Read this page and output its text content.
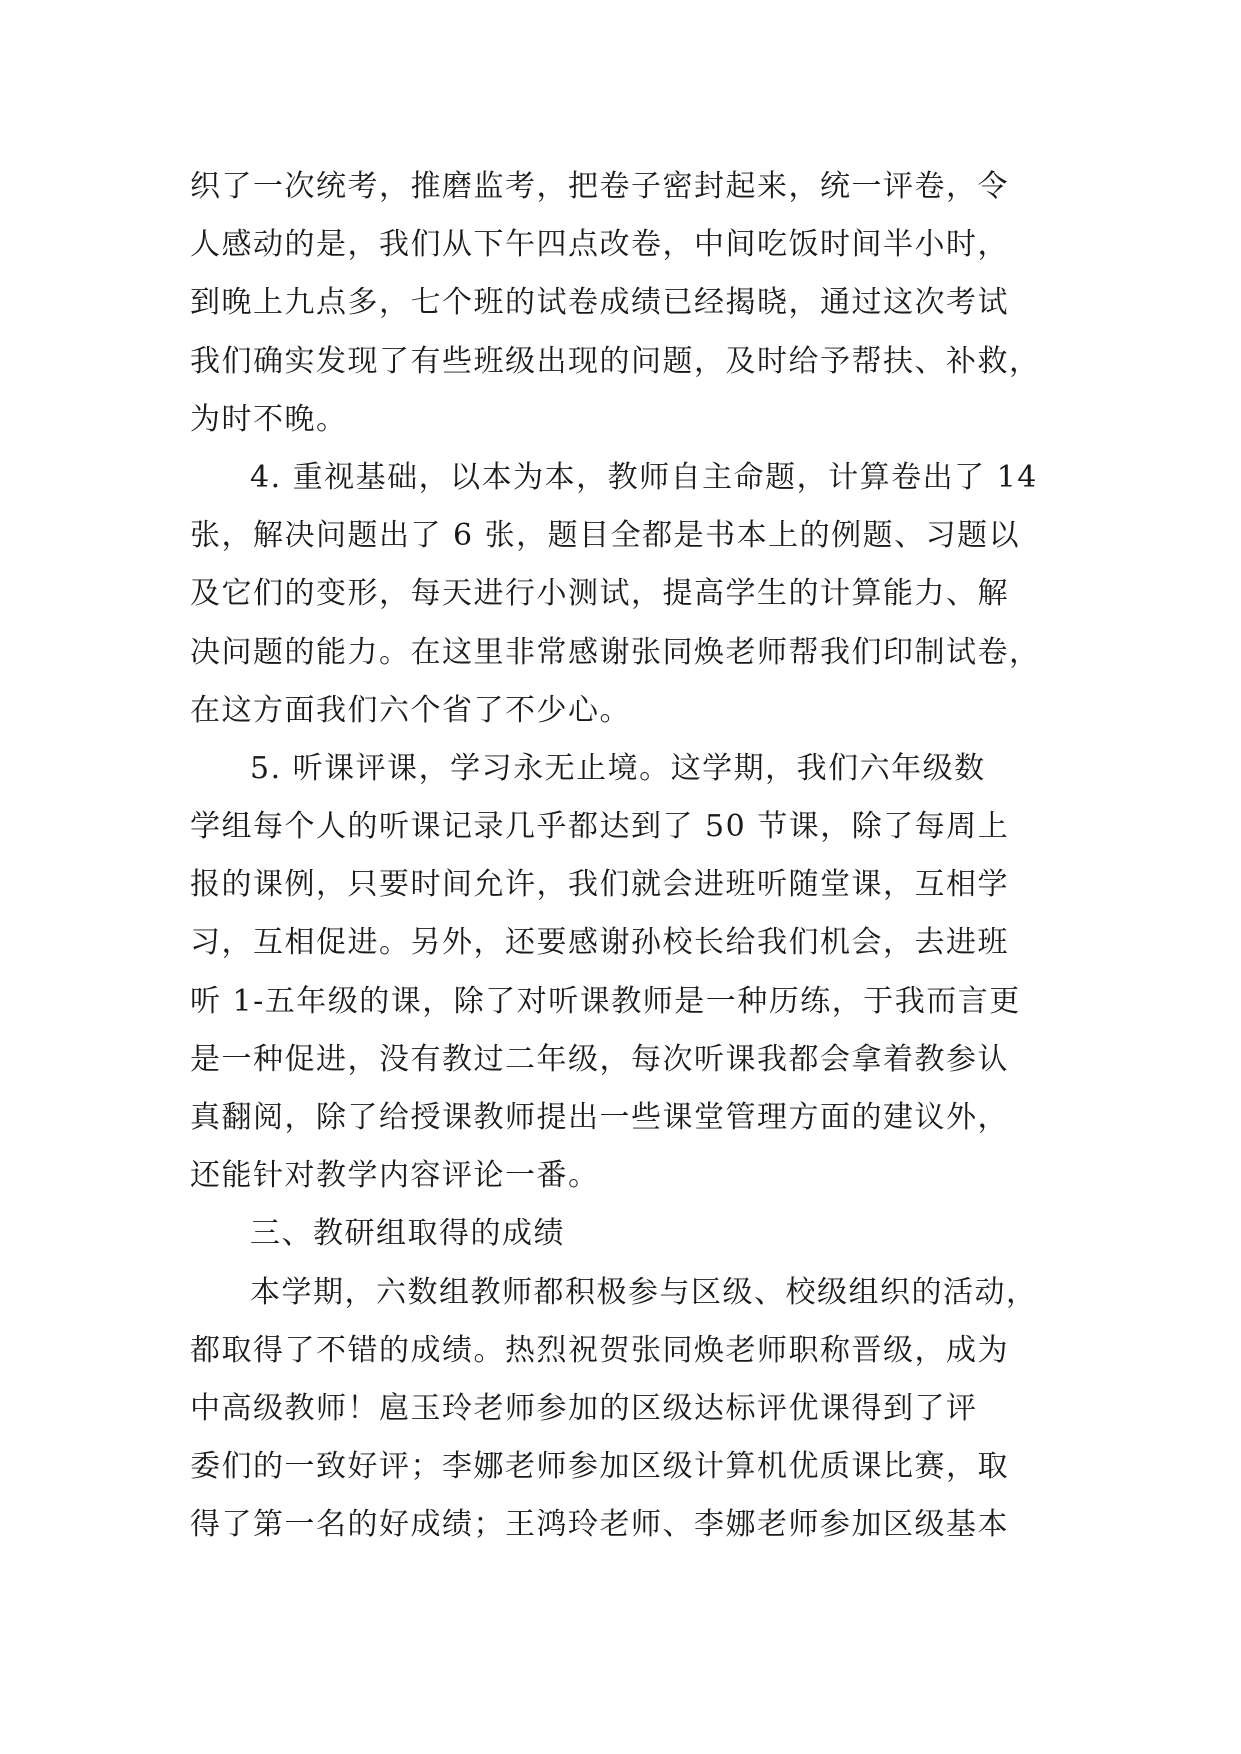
织了一次统考，推磨监考，把卷子密封起来，统一评卷，令
人感动的是，我们从下午四点改卷，中间吃饭时间半小时，
到晚上九点多，七个班的试卷成绩已经揭晓，通过这次考试
我们确实发现了有些班级出现的问题，及时给予帮扶、补救，
为时不晚。
4. 重视基础，以本为本，教师自主命题，计算卷出了 14
张，解决问题出了 6 张，题目全都是书本上的例题、习题以
及它们的变形，每天进行小测试，提高学生的计算能力、解
决问题的能力。在这里非常感谢张同焕老师帮我们印制试卷，
在这方面我们六个省了不少心。
5. 听课评课，学习永无止境。这学期，我们六年级数
学组每个人的听课记录几乎都达到了 50 节课，除了每周上
报的课例，只要时间允许，我们就会进班听随堂课，互相学
习，互相促进。另外，还要感谢孙校长给我们机会，去进班
听 1-五年级的课，除了对听课教师是一种历练，于我而言更
是一种促进，没有教过二年级，每次听课我都会拿着教参认
真翻阅，除了给授课教师提出一些课堂管理方面的建议外，
还能针对教学内容评论一番。
三、教研组取得的成绩
本学期，六数组教师都积极参与区级、校级组织的活动，
都取得了不错的成绩。热烈祝贺张同焕老师职称晋级，成为
中高级教师！扈玉玲老师参加的区级达标评优课得到了评
委们的一致好评；李娜老师参加区级计算机优质课比赛，取
得了第一名的好成绩；王鸿玲老师、李娜老师参加区级基本
